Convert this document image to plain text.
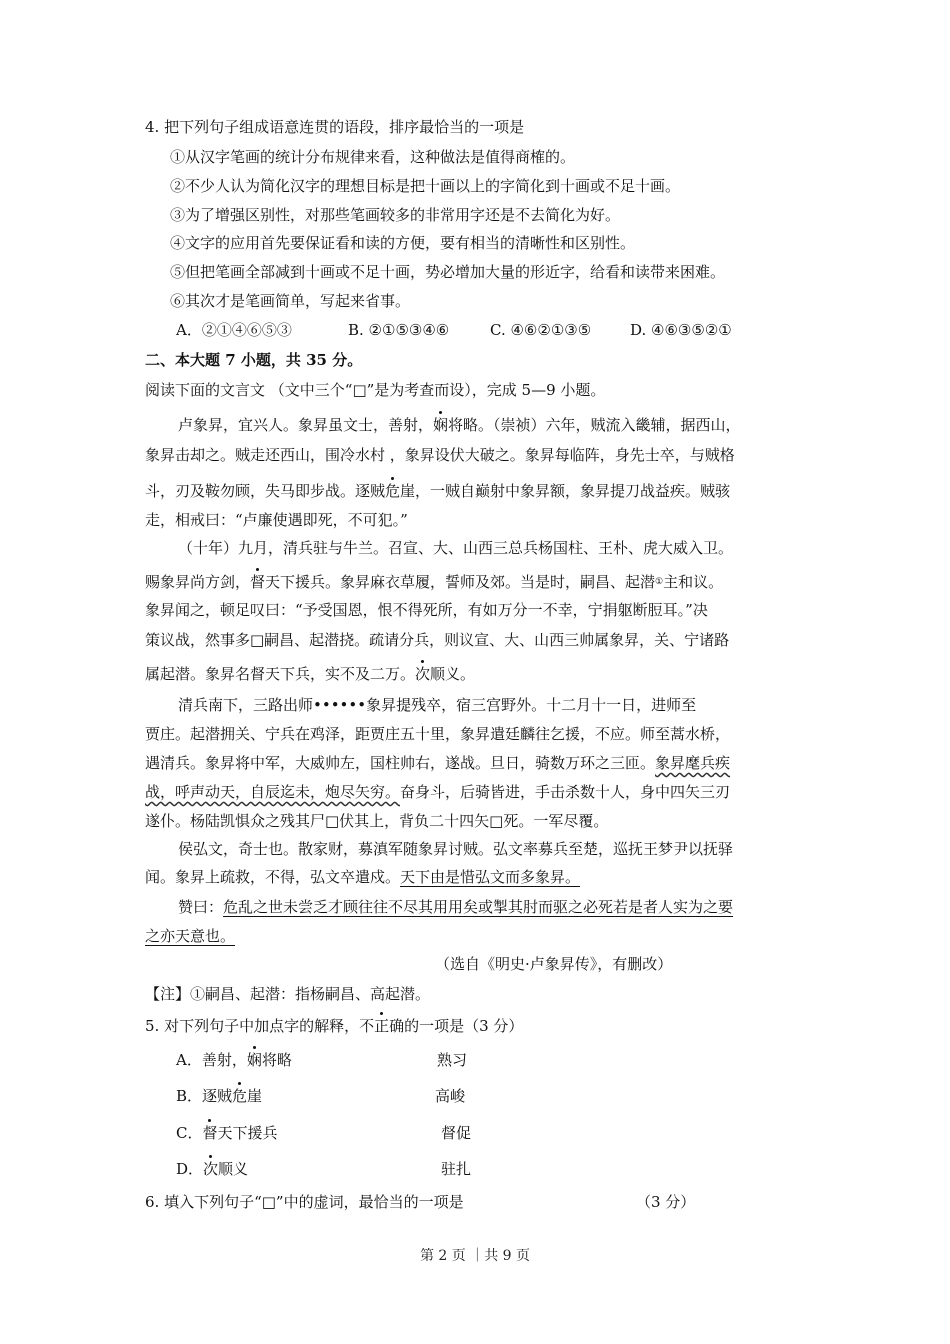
4. 把下列句子组成语意连贯的语段，排序最恰当的一项是
①从汉字笔画的统计分布规律来看，这种做法是值得商榷的。
②不少人认为简化汉字的理想目标是把十画以上的字简化到十画或不足十画。
③为了增强区别性，对那些笔画较多的非常用字还是不去简化为好。
④文字的应用首先要保证看和读的方便，要有相当的清晰性和区别性。
⑤但把笔画全部减到十画或不足十画，势必增加大量的形近字，给看和读带来困难。
⑥其次才是笔画简单，写起来省事。
A．②①④⑥⑤③	B. ②①⑤③④⑥	C. ④⑥②①③⑤	D. ④⑥③⑤②①
二、本大题 7 小题，共 35 分。
阅读下面的文言文 （文中三个“□”是为考查而设），完成 5—9 小题。
卢象昇，宜兴人。象昇虽文士，善射，娴将略。（崇祯）六年，贼流入畿辅，据西山，
象昇击却之。贼走还西山，围冷水村 ，象昇设伏大破之。象昇每临阵，身先士卒，与贼格
斗，刃及鞍勿顾，失马即步战。逐贼危崖，一贼自巅射中象昇额，象昇提刀战益疾。贼骇
走，相戒曰：“卢廉使遇即死，不可犯。”
（十年）九月，清兵驻与牛兰。召宣、大、山西三总兵杨国柱、王朴、虎大威入卫。
赐象昇尚方剑，督天下援兵。象昇麻衣草履，誓师及郊。当是时，嗣昌、起潜①主和议。
象昇闻之，顿足叹曰：“予受国恩，恨不得死所，有如万分一不幸，宁捐躯断脰耳。”决
策议战，然事多□嗣昌、起潜挠。疏请分兵，则议宣、大、山西三帅属象昇，关、宁诸路
属起潜。象昇名督天下兵，实不及二万。次顺义。
清兵南下，三路出师••••••象昇提残卒，宿三宫野外。十二月十一日，进师至
贾庄。起潜拥关、宁兵在鸡泽，距贾庄五十里，象昇遣廷麟往乞援，不应。师至蒿水桥，
遇清兵。象昇将中军，大威帅左，国柱帅右，遂战。旦日，骑数万环之三匝。象昇麾兵疾
战，呼声动天，自辰迄未，炮尽矢穷。奋身斗，后骑皆进，手击杀数十人，身中四矢三刃
遂仆。杨陆凯惧众之残其尸□伏其上，背负二十四矢□死。一军尽覆。
侯弘文，奇士也。散家财，募滇军随象昇讨贼。弘文率募兵至楚，巡抚王梦尹以抚驿
闻。象昇上疏救，不得，弘文卒遣戍。天下由是惜弘文而多象昇。
赞曰：危乱之世未尝乏才顾往往不尽其用用矣或掣其肘而驱之必死若是者人实为之要
之亦天意也。
（选自《明史·卢象昇传》，有删改）
【注】①嗣昌、起潜：指杨嗣昌、高起潜。
5. 对下列句子中加点字的解释，不正确的一项是（3 分）
A．善射，娴将略	熟习
B．逐贼危崖	高峻
C．督天下援兵	督促
D．次顺义	驻扎
6. 填入下列句子“□”中的虚词，最恰当的一项是	（3 分）
第 2 页 ｜共 9 页
